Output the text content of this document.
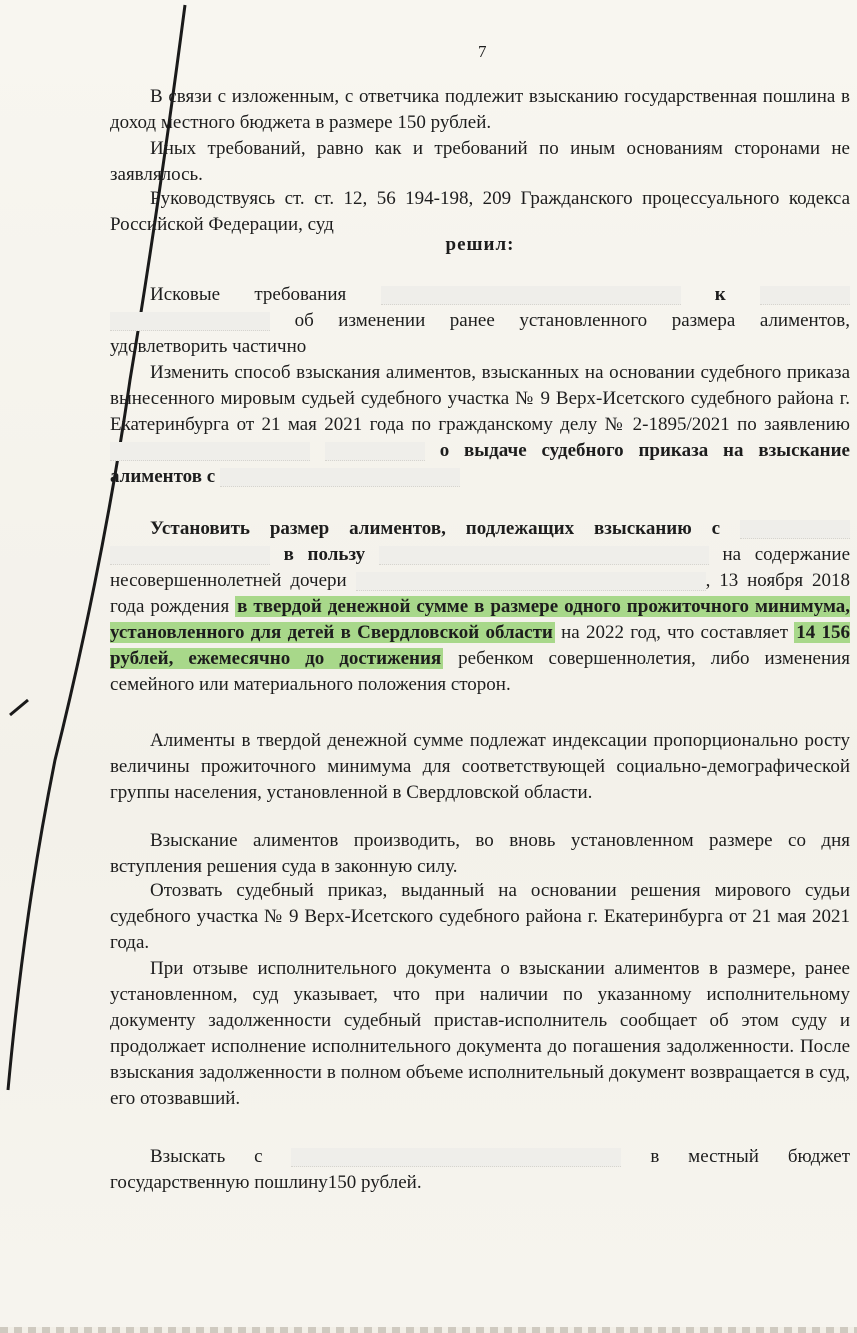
7

В связи с изложенным, с ответчика подлежит взысканию государственная пошлина в доход местного бюджета в размере 150 рублей.

Иных требований, равно как и требований по иным основаниям сторонами не заявлялось.

Руководствуясь ст. ст. 12, 56 194-198, 209 Гражданского процессуального кодекса Российской Федерации, суд

решил:

Исковые требования	к   об изменении ранее установленного размера алиментов, удовлетворить частично

Изменить способ взыскания алиментов, взысканных на основании судебного приказа вынесенного мировым судьей судебного участка № 9 Верх-Исетского судебного района г. Екатеринбурга от 21 мая 2021 года по гражданскому делу № 2-1895/2021 по заявлению   о выдаче судебного приказа на взыскание алиментов с

Установить размер алиментов, подлежащих взысканию с   в пользу	на содержание несовершеннолетней дочери	, 13 ноября 2018 года рождения в твердой денежной сумме в размере одного прожиточного минимума, установленного для детей в Свердловской области на 2022 год, что составляет 14 156 рублей, ежемесячно до достижения ребенком совершеннолетия, либо изменения семейного или материального положения сторон.

Алименты в твердой денежной сумме подлежат индексации пропорционально росту величины прожиточного минимума для соответствующей социально-демографической группы населения, установленной в Свердловской области.

Взыскание алиментов производить, во вновь установленном размере со дня вступления решения суда в законную силу.

Отозвать судебный приказ, выданный на основании решения мирового судьи судебного участка № 9 Верх-Исетского судебного района г. Екатеринбурга от 21 мая 2021 года.

При отзыве исполнительного документа о взыскании алиментов в размере, ранее установленном, суд указывает, что при наличии по указанному исполнительному документу задолженности судебный пристав-исполнитель сообщает об этом суду и продолжает исполнение исполнительного документа до погашения задолженности. После взыскания задолженности в полном объеме исполнительный документ возвращается в суд, его отозвавший.

Взыскать с	в местный бюджет государственную пошлину150 рублей.
